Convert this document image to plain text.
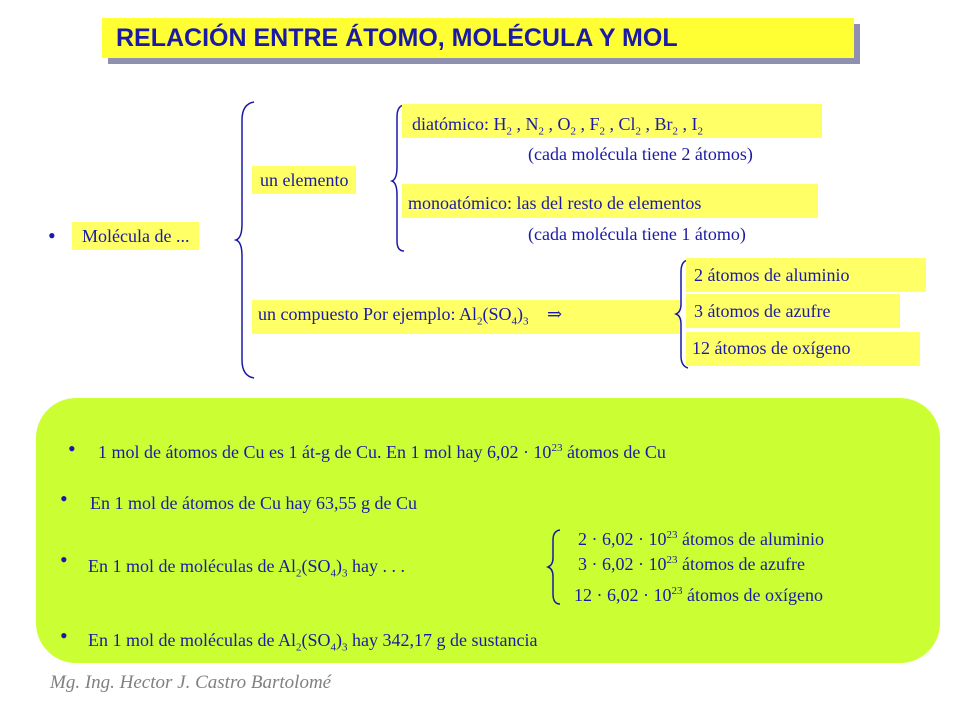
RELACIÓN ENTRE ÁTOMO, MOLÉCULA Y MOL
•	Molécula de ...
un elemento
diatómico: $H_2$ , $N_2$ , $O_2$ , $F_2$ , $Cl_2$ , $Br_2$ , $I_2$
(cada molécula tiene 2 átomos)
monoatómico: las del resto de elementos
(cada molécula tiene 1 átomo)
un compuesto Por ejemplo: $Al_2(SO_4)_3$ ⇒
2 átomos de aluminio
3 átomos de azufre
12 átomos de oxígeno
• 1 mol de átomos de Cu es 1 át-g de Cu. En 1 mol hay $6,02 \cdot 10^{23}$ átomos de Cu
• En 1 mol de átomos de Cu hay 63,55 g de Cu
• En 1 mol de moléculas de $Al_2(SO_4)_3$ hay . . .
$2 \cdot 6,02 \cdot 10^{23}$ átomos de aluminio
$3 \cdot 6,02 \cdot 10^{23}$ átomos de azufre
$12 \cdot 6,02 \cdot 10^{23}$ átomos de oxígeno
• En 1 mol de moléculas de $Al_2(SO_4)_3$ hay 342,17 g de sustancia
Mg. Ing. Hector J. Castro Bartolomé
